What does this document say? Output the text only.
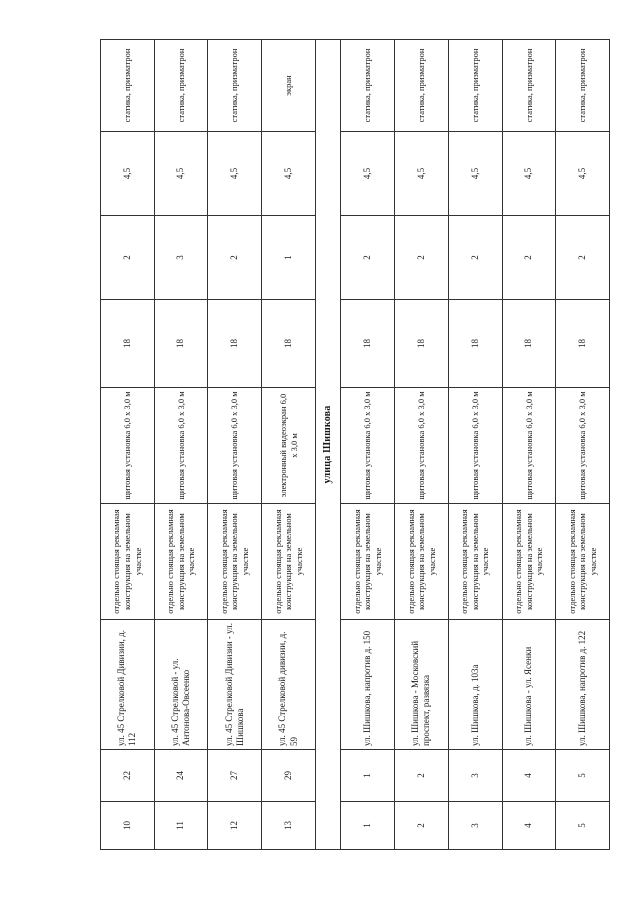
10	22	ул. 45 Стрелковой Дивизии, д. 112	отдельно стоящая рекламная конструкция на земельном участке	щитовая установка 6,0 х 3,0 м	18	2	4,5	статика, призматрон
11	24	ул. 45 Стрелковой - ул. Антонова-Овсеенко	отдельно стоящая рекламная конструкция на земельном участке	щитовая установка 6,0 х 3,0 м	18	3	4,5	статика, призматрон
12	27	ул. 45 Стрелковой Дивизии - ул. Шишкова	отдельно стоящая рекламная конструкция на земельном участке	щитовая установка 6,0 х 3,0 м	18	2	4,5	статика, призматрон
13	29	ул. 45 Стрелковой дивизии, д. 59	отдельно стоящая рекламная конструкция на земельном участке	электронный видеоэкран 6,0 х 3,0 м	18	1	4,5	экран
улица Шишкова								
1	1	ул. Шишкова, напротив д. 150	отдельно стоящая рекламная конструкция на земельном участке	щитовая установка 6,0 х 3,0 м	18	2	4,5	статика, призматрон
2	2	ул. Шишкова - Московский проспект, развязка	отдельно стоящая рекламная конструкция на земельном участке	щитовая установка 6,0 х 3,0 м	18	2	4,5	статика, призматрон
3	3	ул. Шишкова, д. 103а	отдельно стоящая рекламная конструкция на земельном участке	щитовая установка 6,0 х 3,0 м	18	2	4,5	статика, призматрон
4	4	ул. Шишкова - ул. Ясенки	отдельно стоящая рекламная конструкция на земельном участке	щитовая установка 6,0 х 3,0 м	18	2	4,5	статика, призматрон
5	5	ул. Шишкова, напротив д. 122	отдельно стоящая рекламная конструкция на земельном участке	щитовая установка 6,0 х 3,0 м	18	2	4,5	статика, призматрон
